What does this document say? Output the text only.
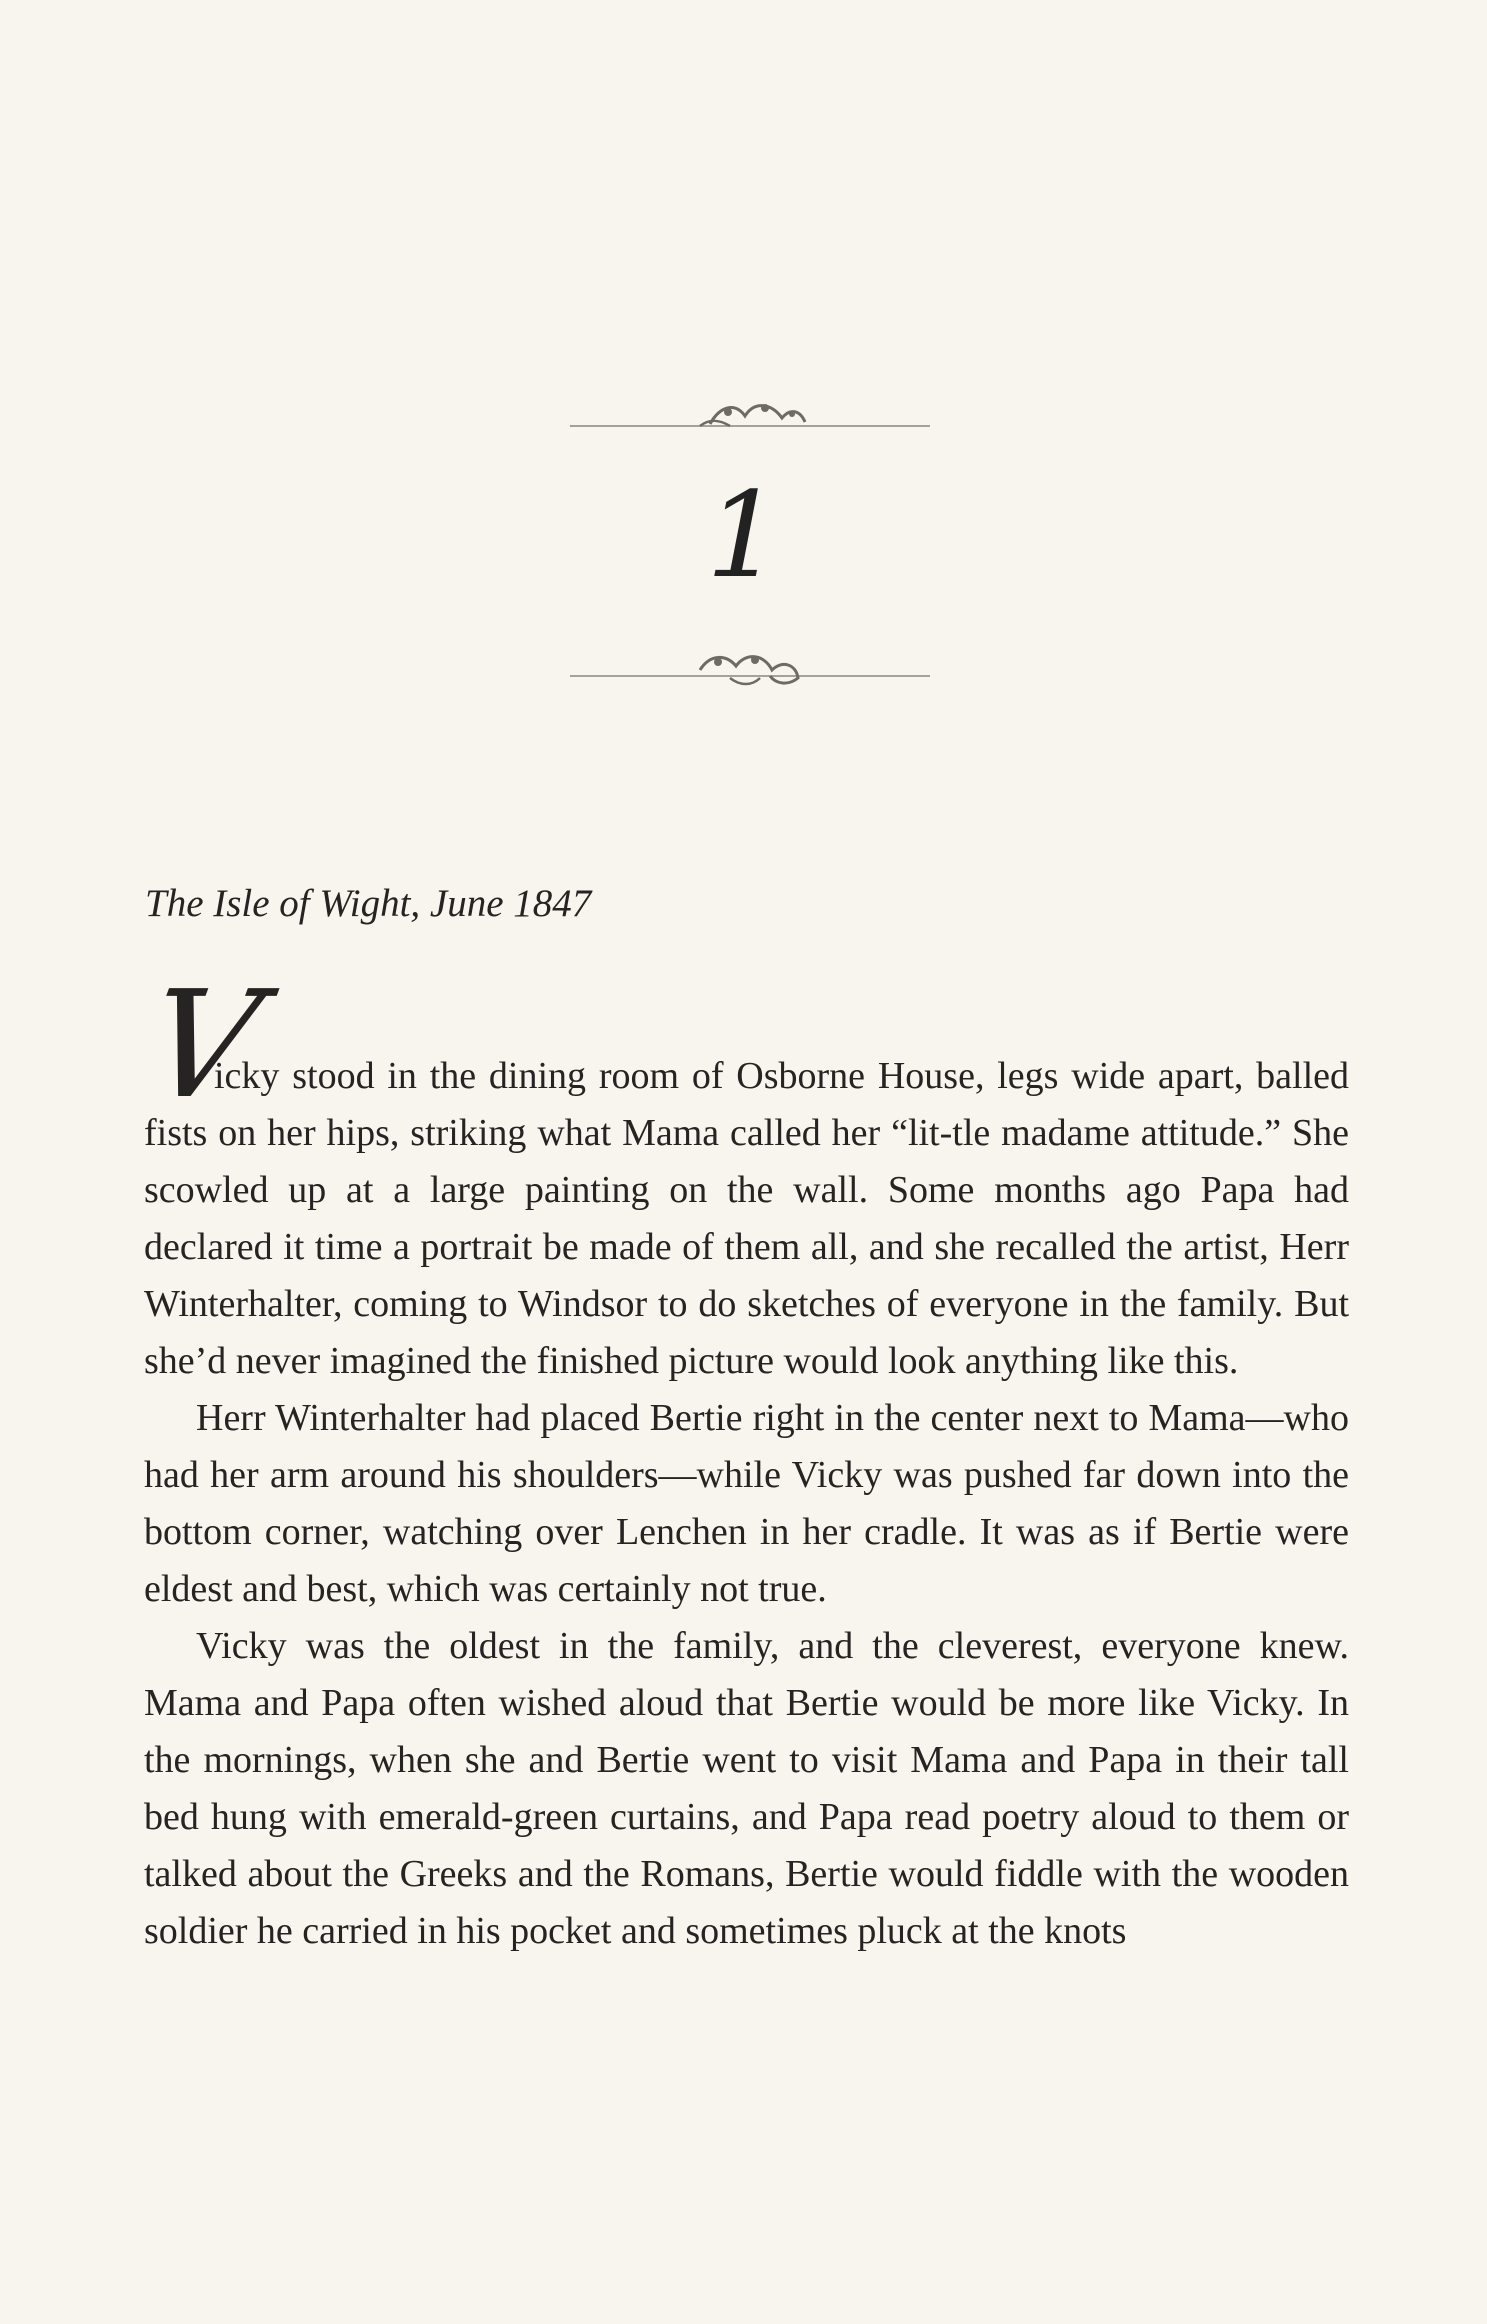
1
The Isle of Wight, June 1847
V

icky stood in the dining room of Osborne House, legs wide apart, balled fists on her hips, striking what Mama called her “lit-tle madame attitude.” She scowled up at a large painting on the wall. Some months ago Papa had declared it time a portrait be made of them all, and she recalled the artist, Herr Winterhalter, coming to Windsor to do sketches of everyone in the family. But she’d never imagined the finished picture would look anything like this.

Herr Winterhalter had placed Bertie right in the center next to Mama—who had her arm around his shoulders—while Vicky was pushed far down into the bottom corner, watching over Lenchen in her cradle. It was as if Bertie were eldest and best, which was certainly not true.

Vicky was the oldest in the family, and the cleverest, everyone knew. Mama and Papa often wished aloud that Bertie would be more like Vicky. In the mornings, when she and Bertie went to visit Mama and Papa in their tall bed hung with emerald-green curtains, and Papa read poetry aloud to them or talked about the Greeks and the Romans, Bertie would fiddle with the wooden soldier he carried in his pocket and sometimes pluck at the knots
